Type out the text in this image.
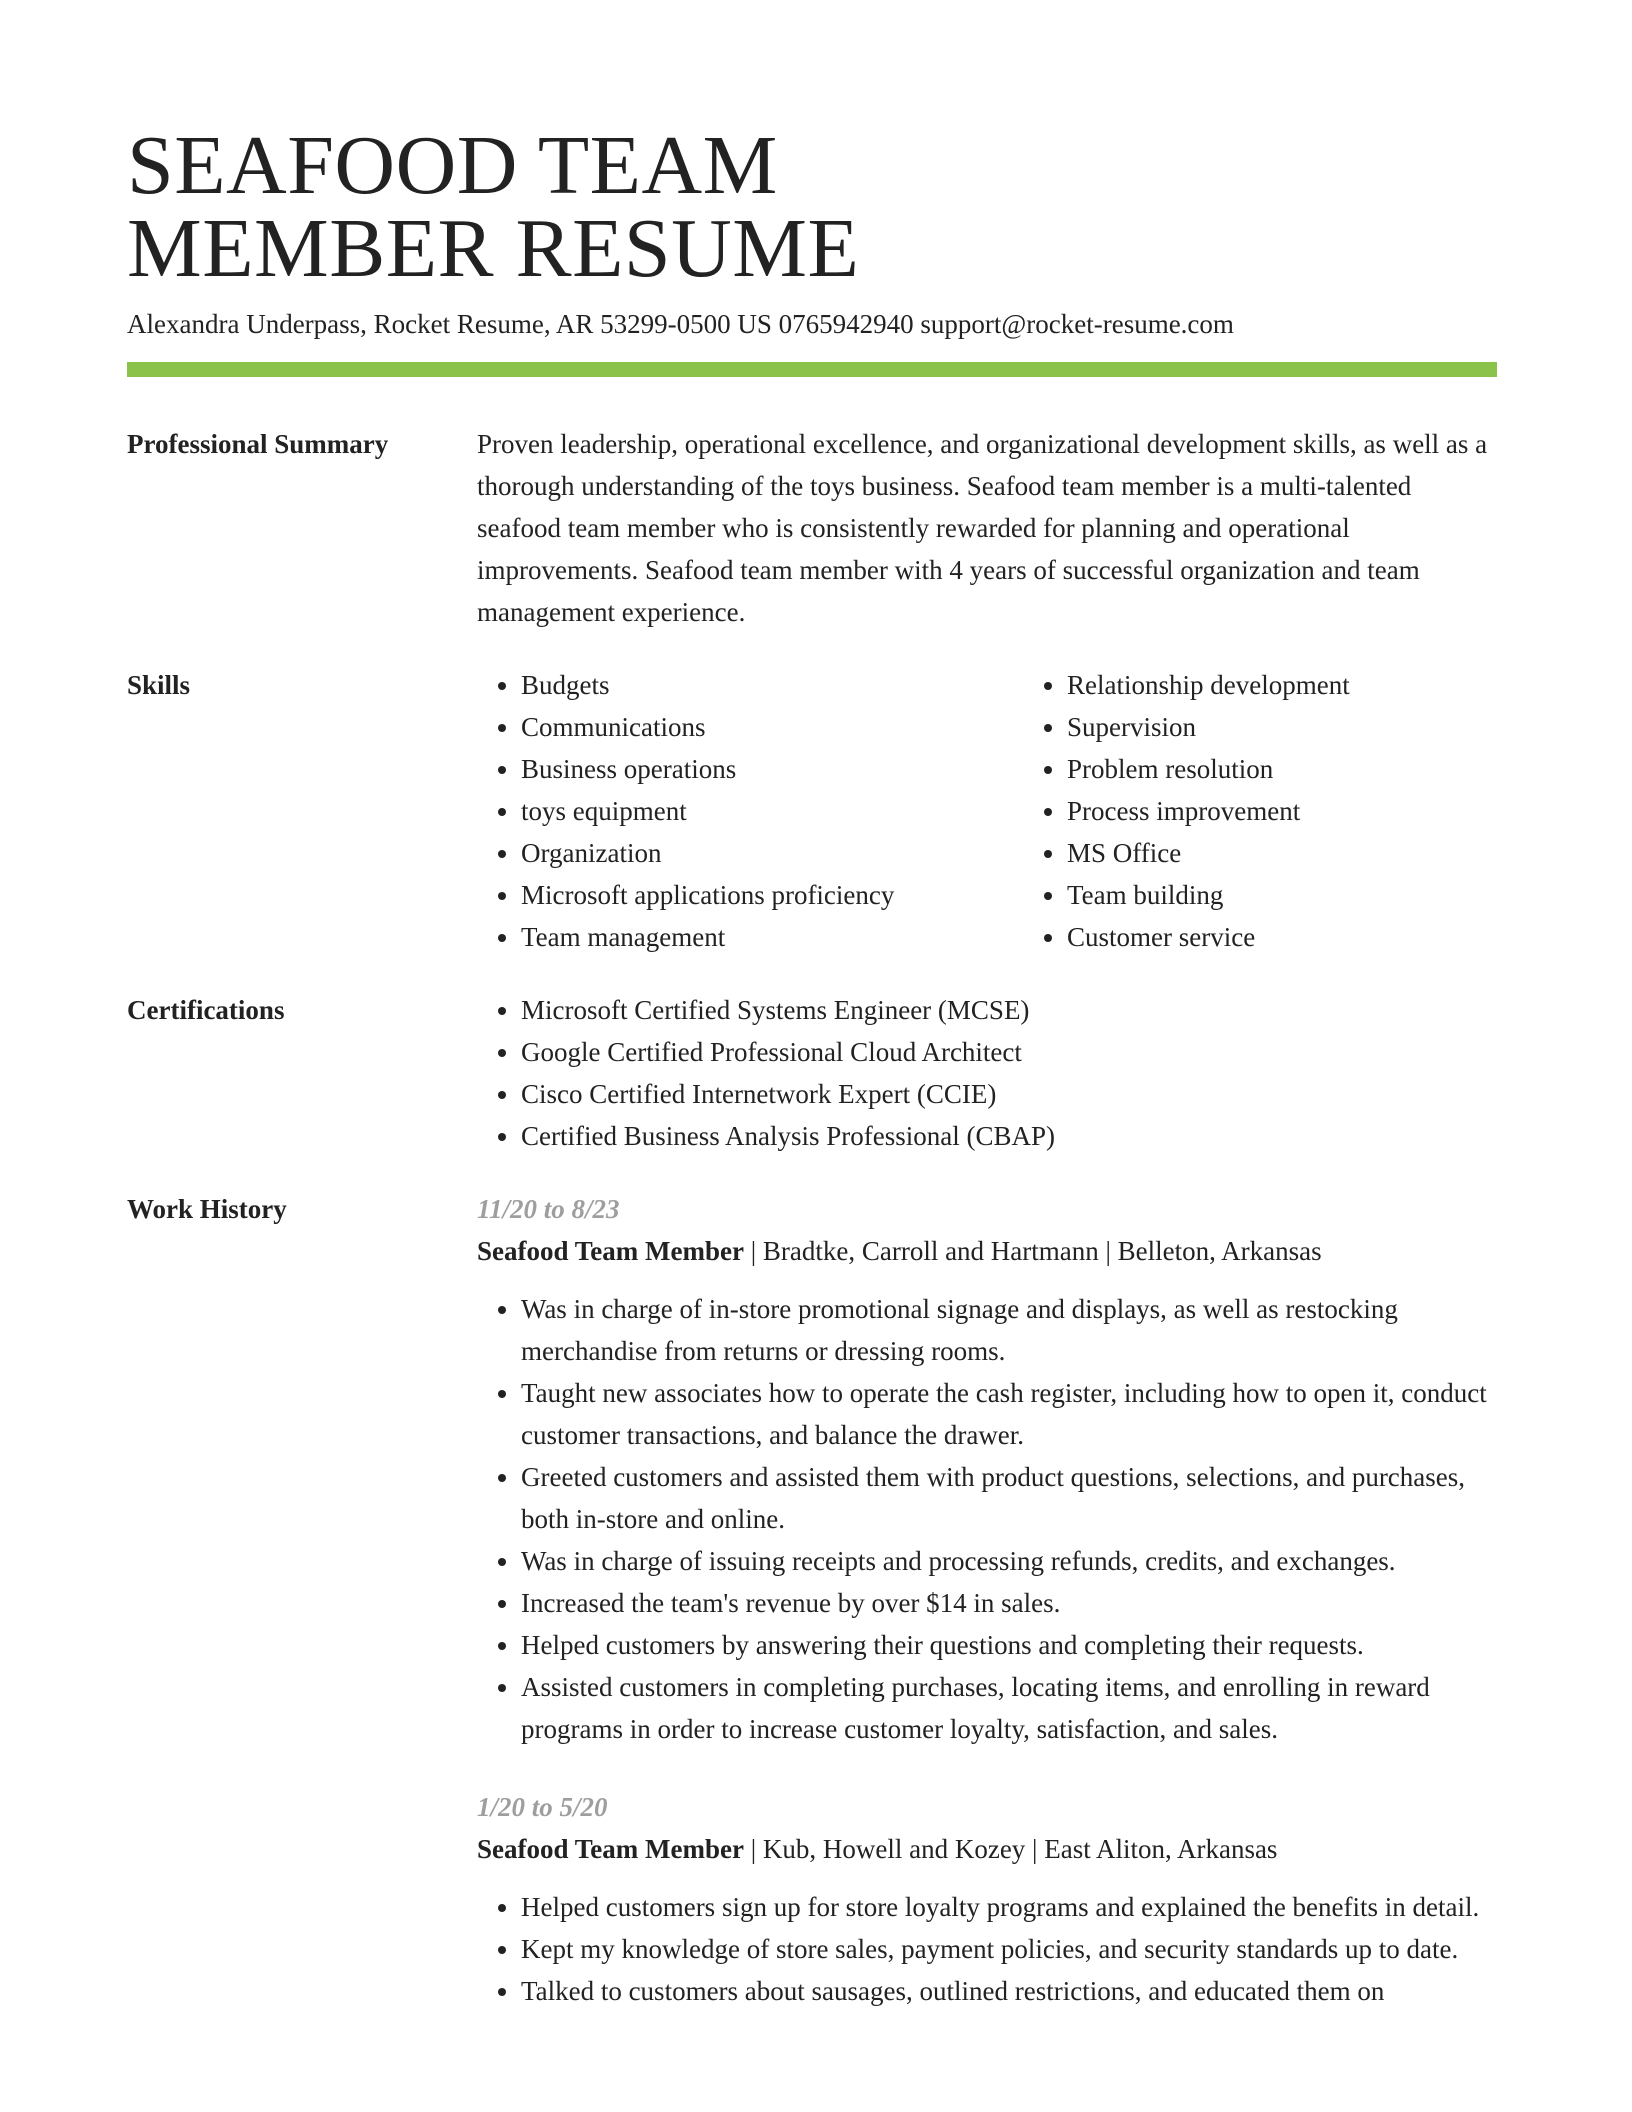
SEAFOOD TEAM
MEMBER RESUME
Alexandra Underpass, Rocket Resume, AR 53299-0500 US 0765942940 support@rocket-resume.com
Professional Summary	Proven leadership, operational excellence, and organizational development skills, as well as a thorough understanding of the toys business. Seafood team member is a multi-talented seafood team member who is consistently rewarded for planning and operational improvements. Seafood team member with 4 years of successful organization and team management experience.
Skills	• Budgets
• Communications
• Business operations
• toys equipment
• Organization
• Microsoft applications proficiency
• Team management
• Relationship development
• Supervision
• Problem resolution
• Process improvement
• MS Office
• Team building
• Customer service
Certifications	• Microsoft Certified Systems Engineer (MCSE)
• Google Certified Professional Cloud Architect
• Cisco Certified Internetwork Expert (CCIE)
• Certified Business Analysis Professional (CBAP)
Work History	11/20 to 8/23
Seafood Team Member | Bradtke, Carroll and Hartmann | Belleton, Arkansas
• Was in charge of in-store promotional signage and displays, as well as restocking merchandise from returns or dressing rooms.
• Taught new associates how to operate the cash register, including how to open it, conduct customer transactions, and balance the drawer.
• Greeted customers and assisted them with product questions, selections, and purchases, both in-store and online.
• Was in charge of issuing receipts and processing refunds, credits, and exchanges.
• Increased the team's revenue by over $14 in sales.
• Helped customers by answering their questions and completing their requests.
• Assisted customers in completing purchases, locating items, and enrolling in reward programs in order to increase customer loyalty, satisfaction, and sales.
1/20 to 5/20
Seafood Team Member | Kub, Howell and Kozey | East Aliton, Arkansas
• Helped customers sign up for store loyalty programs and explained the benefits in detail.
• Kept my knowledge of store sales, payment policies, and security standards up to date.
• Talked to customers about sausages, outlined restrictions, and educated them on
